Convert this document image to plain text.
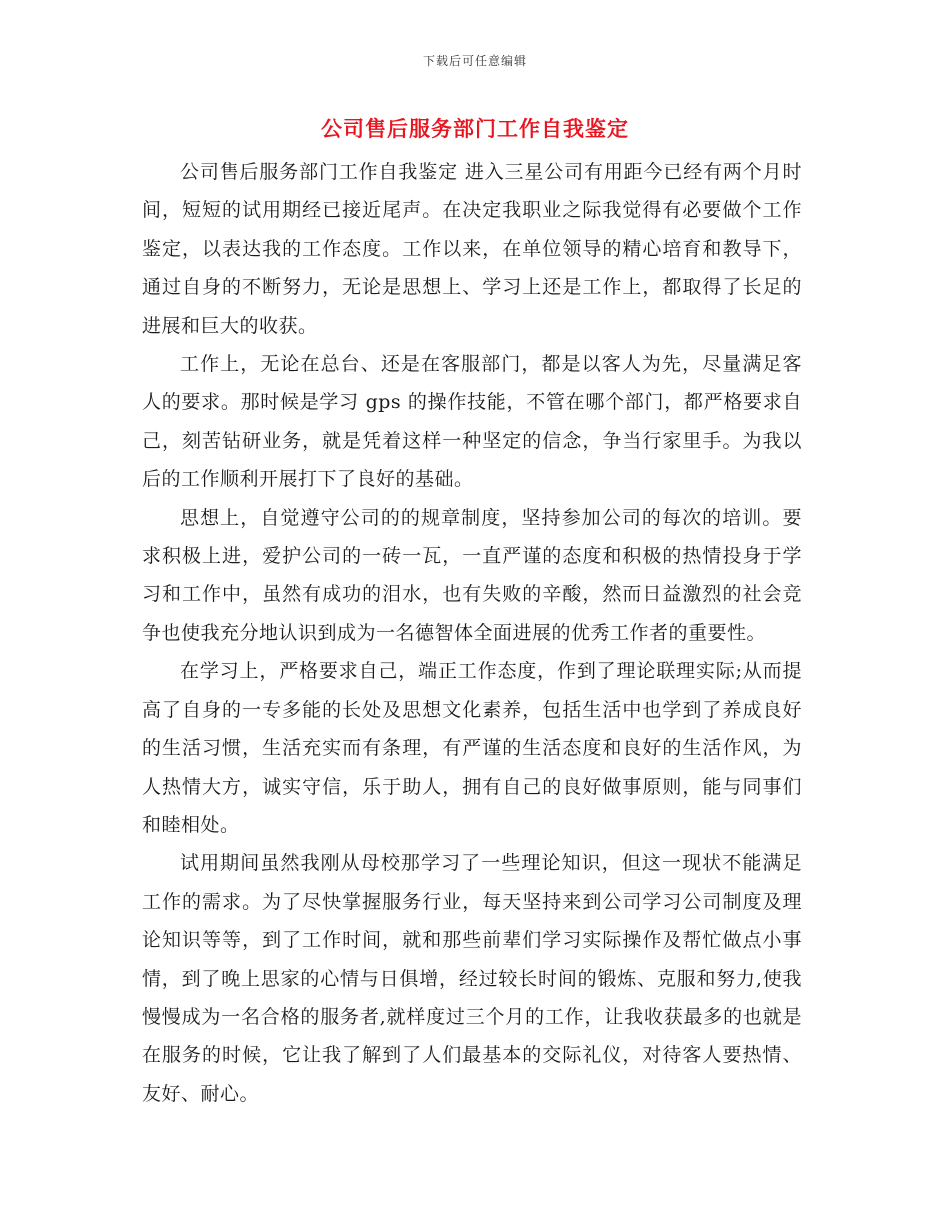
下载后可任意编辑
公司售后服务部门工作自我鉴定

公司售后服务部门工作自我鉴定 进入三星公司有用距今已经有两个月时间，短短的试用期经已接近尾声。在决定我职业之际我觉得有必要做个工作鉴定，以表达我的工作态度。工作以来，在单位领导的精心培育和教导下，通过自身的不断努力，无论是思想上、学习上还是工作上，都取得了长足的进展和巨大的收获。

工作上，无论在总台、还是在客服部门，都是以客人为先，尽量满足客人的要求。那时候是学习 gps 的操作技能，不管在哪个部门，都严格要求自己，刻苦钻研业务，就是凭着这样一种坚定的信念，争当行家里手。为我以后的工作顺利开展打下了良好的基础。

思想上，自觉遵守公司的的规章制度，坚持参加公司的每次的培训。要求积极上进，爱护公司的一砖一瓦，一直严谨的态度和积极的热情投身于学习和工作中，虽然有成功的泪水，也有失败的辛酸，然而日益激烈的社会竞争也使我充分地认识到成为一名德智体全面进展的优秀工作者的重要性。

在学习上，严格要求自己，端正工作态度，作到了理论联理实际;从而提高了自身的一专多能的长处及思想文化素养，包括生活中也学到了养成良好的生活习惯，生活充实而有条理，有严谨的生活态度和良好的生活作风，为人热情大方，诚实守信，乐于助人，拥有自己的良好做事原则，能与同事们和睦相处。

试用期间虽然我刚从母校那学习了一些理论知识，但这一现状不能满足工作的需求。为了尽快掌握服务行业，每天坚持来到公司学习公司制度及理论知识等等，到了工作时间，就和那些前辈们学习实际操作及帮忙做点小事情，到了晚上思家的心情与日俱增，经过较长时间的锻炼、克服和努力,使我慢慢成为一名合格的服务者,就样度过三个月的工作，让我收获最多的也就是在服务的时候，它让我了解到了人们最基本的交际礼仪，对待客人要热情、友好、耐心。
